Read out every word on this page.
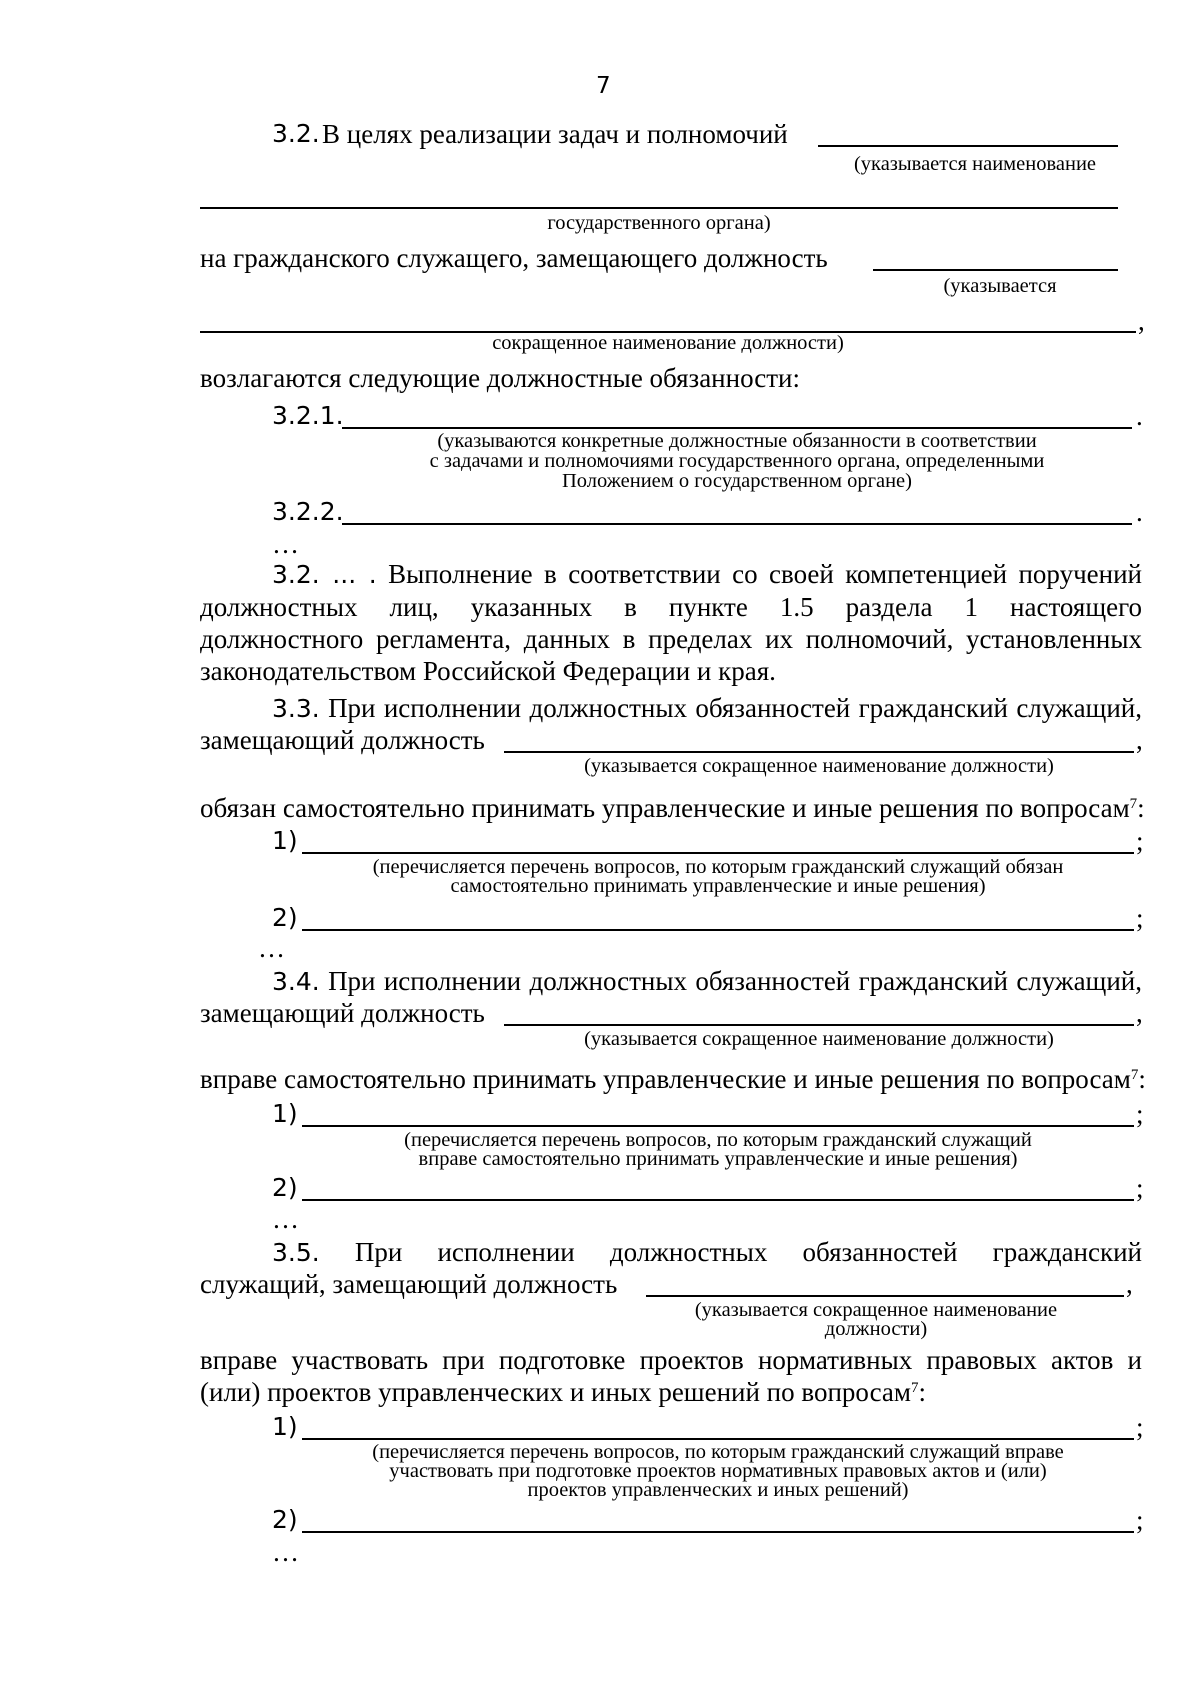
7
3.2. В целях реализации задач и полномочий
(указывается наименование
государственного органа)
на гражданского служащего, замещающего должность
(указывается
,
сокращенное наименование должности)
возлагаются следующие должностные обязанности:
3.2.1.	.
(указываются конкретные должностные обязанности в соответствии
с задачами и полномочиями государственного органа, определенными
Положением о государственном органе)
3.2.2.	.
…
3.2. ... . Выполнение в соответствии со своей компетенцией поручений
должностных лиц, указанных в пункте 1.5 раздела 1 настоящего
должностного регламента, данных в пределах их полномочий, установленных
законодательством Российской Федерации и края.
3.3. При исполнении должностных обязанностей гражданский служащий,
замещающий должность	,
(указывается сокращенное наименование должности)
обязан самостоятельно принимать управленческие и иные решения по вопросам$^7$:
1)	;
(перечисляется перечень вопросов, по которым гражданский служащий обязан
самостоятельно принимать управленческие и иные решения)
2)	;
…
3.4. При исполнении должностных обязанностей гражданский служащий,
замещающий должность	,
(указывается сокращенное наименование должности)
вправе самостоятельно принимать управленческие и иные решения по вопросам$^7$:
1)	;
(перечисляется перечень вопросов, по которым гражданский служащий
вправе самостоятельно принимать управленческие и иные решения)
2)	;
…
3.5. При исполнении должностных обязанностей гражданский
служащий, замещающий должность	,
(указывается сокращенное наименование
должности)
вправе участвовать при подготовке проектов нормативных правовых актов и
(или) проектов управленческих и иных решений по вопросам$^7$:
1)	;
(перечисляется перечень вопросов, по которым гражданский служащий вправе
участвовать при подготовке проектов нормативных правовых актов и (или)
проектов управленческих и иных решений)
2)	;
…
